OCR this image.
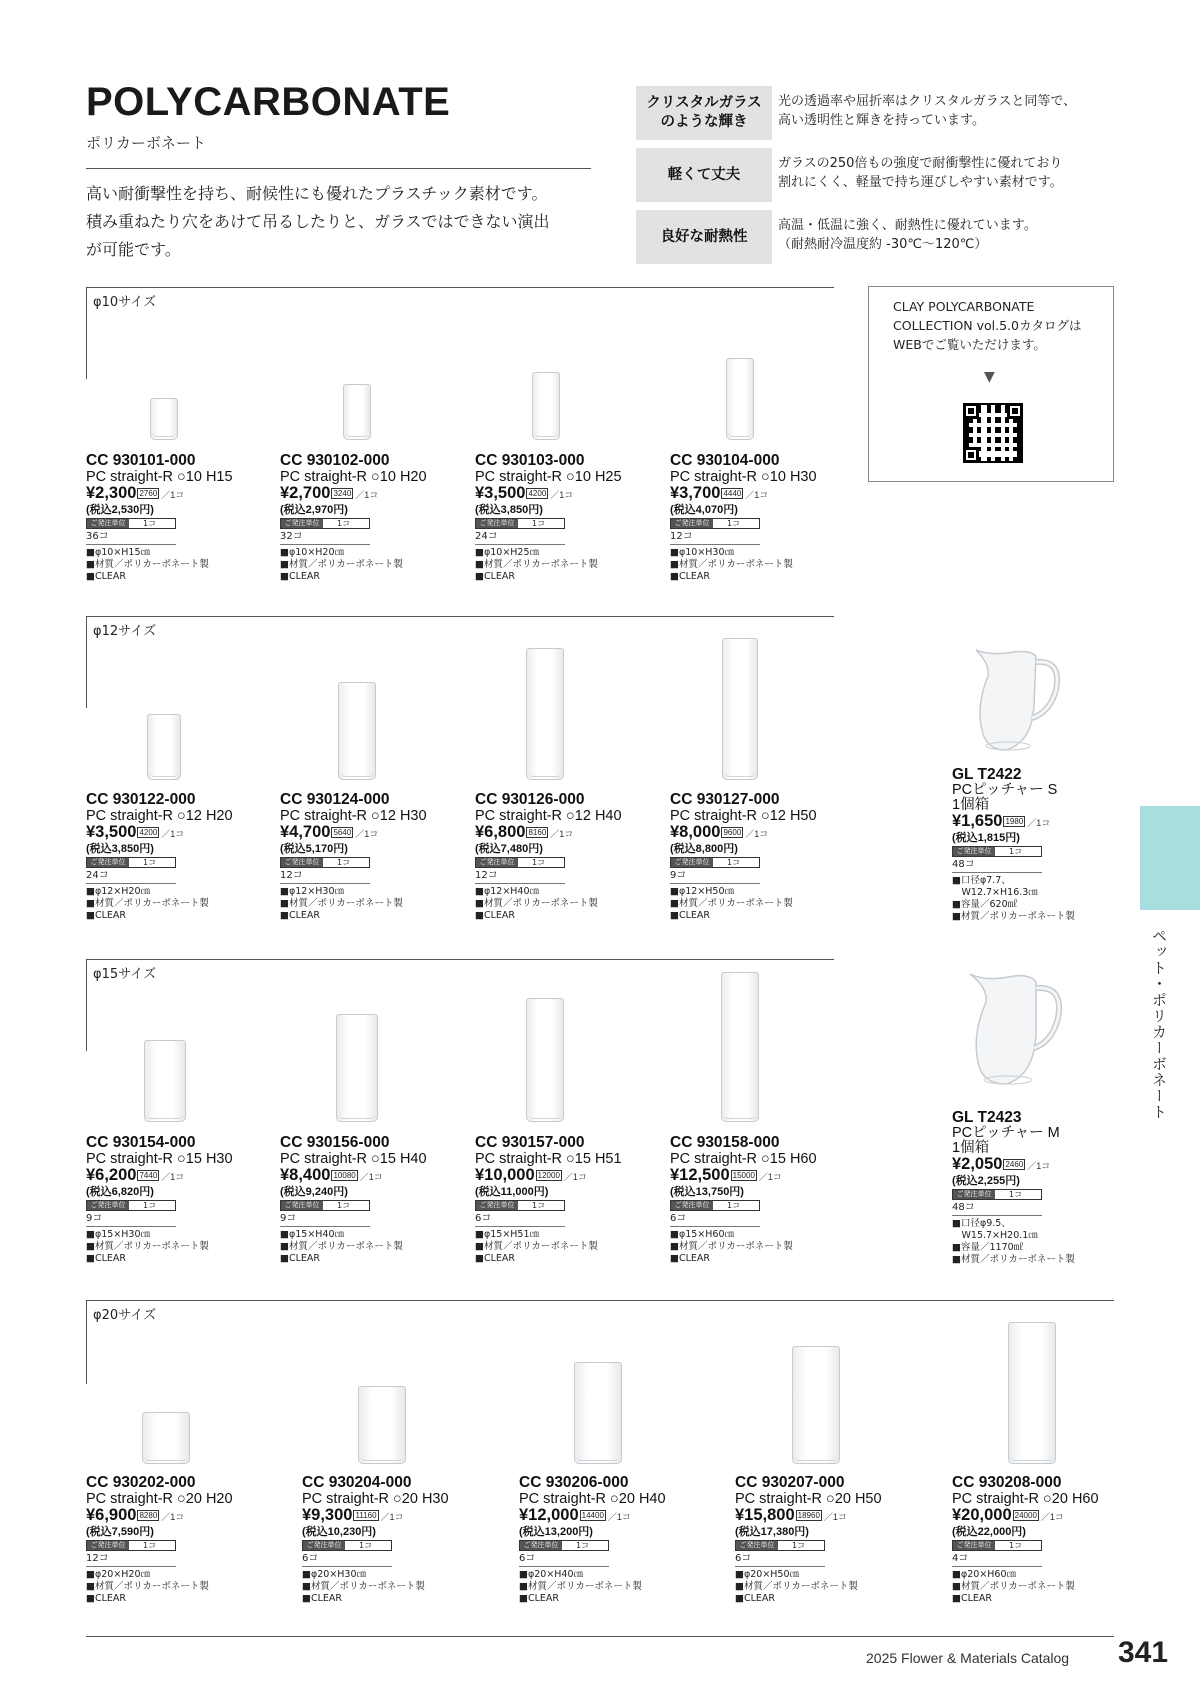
POLYCARBONATE
ポリカーボネート
高い耐衝撃性を持ち、耐候性にも優れたプラスチック素材です。
積み重ねたり穴をあけて吊るしたりと、ガラスではできない演出
が可能です。
クリスタルガラス
のような輝き
光の透過率や屈折率はクリスタルガラスと同等で、
高い透明性と輝きを持っています。
軽くて丈夫
ガラスの250倍もの強度で耐衝撃性に優れており
割れにくく、軽量で持ち運びしやすい素材です。
良好な耐熱性
高温・低温に強く、耐熱性に優れています。
（耐熱耐冷温度約 -30℃〜120℃）
CLAY POLYCARBONATE
COLLECTION vol.5.0カタログは
WEBでご覧いただけます。
▼
φ10サイズ
φ12サイズ
φ15サイズ
φ20サイズ
CC 930101-000
PC straight-R ○10 H15
¥2,300 2760 ／1コ
(税込2,530円)
ご発注単位	1コ
36コ
■φ10×H15㎝
■材質／ポリカーボネート製
■CLEAR
CC 930102-000
PC straight-R ○10 H20
¥2,700 3240 ／1コ
(税込2,970円)
ご発注単位	1コ
32コ
■φ10×H20㎝
■材質／ポリカーボネート製
■CLEAR
CC 930103-000
PC straight-R ○10 H25
¥3,500 4200 ／1コ
(税込3,850円)
ご発注単位	1コ
24コ
■φ10×H25㎝
■材質／ポリカーボネート製
■CLEAR
CC 930104-000
PC straight-R ○10 H30
¥3,700 4440 ／1コ
(税込4,070円)
ご発注単位	1コ
12コ
■φ10×H30㎝
■材質／ポリカーボネート製
■CLEAR
CC 930122-000
PC straight-R ○12 H20
¥3,500 4200 ／1コ
(税込3,850円)
ご発注単位	1コ
24コ
■φ12×H20㎝
■材質／ポリカーボネート製
■CLEAR
CC 930124-000
PC straight-R ○12 H30
¥4,700 5640 ／1コ
(税込5,170円)
ご発注単位	1コ
12コ
■φ12×H30㎝
■材質／ポリカーボネート製
■CLEAR
CC 930126-000
PC straight-R ○12 H40
¥6,800 8160 ／1コ
(税込7,480円)
ご発注単位	1コ
12コ
■φ12×H40㎝
■材質／ポリカーボネート製
■CLEAR
CC 930127-000
PC straight-R ○12 H50
¥8,000 9600 ／1コ
(税込8,800円)
ご発注単位	1コ
9コ
■φ12×H50㎝
■材質／ポリカーボネート製
■CLEAR
CC 930154-000
PC straight-R ○15 H30
¥6,200 7440 ／1コ
(税込6,820円)
ご発注単位	1コ
9コ
■φ15×H30㎝
■材質／ポリカーボネート製
■CLEAR
CC 930156-000
PC straight-R ○15 H40
¥8,400 10080 ／1コ
(税込9,240円)
ご発注単位	1コ
9コ
■φ15×H40㎝
■材質／ポリカーボネート製
■CLEAR
CC 930157-000
PC straight-R ○15 H51
¥10,000 12000 ／1コ
(税込11,000円)
ご発注単位	1コ
6コ
■φ15×H51㎝
■材質／ポリカーボネート製
■CLEAR
CC 930158-000
PC straight-R ○15 H60
¥12,500 15000 ／1コ
(税込13,750円)
ご発注単位	1コ
6コ
■φ15×H60㎝
■材質／ポリカーボネート製
■CLEAR
CC 930202-000
PC straight-R ○20 H20
¥6,900 8280 ／1コ
(税込7,590円)
ご発注単位	1コ
12コ
■φ20×H20㎝
■材質／ポリカーボネート製
■CLEAR
CC 930204-000
PC straight-R ○20 H30
¥9,300 11160 ／1コ
(税込10,230円)
ご発注単位	1コ
6コ
■φ20×H30㎝
■材質／ポリカーボネート製
■CLEAR
CC 930206-000
PC straight-R ○20 H40
¥12,000 14400 ／1コ
(税込13,200円)
ご発注単位	1コ
6コ
■φ20×H40㎝
■材質／ポリカーボネート製
■CLEAR
CC 930207-000
PC straight-R ○20 H50
¥15,800 18960 ／1コ
(税込17,380円)
ご発注単位	1コ
6コ
■φ20×H50㎝
■材質／ポリカーボネート製
■CLEAR
CC 930208-000
PC straight-R ○20 H60
¥20,000 24000 ／1コ
(税込22,000円)
ご発注単位	1コ
4コ
■φ20×H60㎝
■材質／ポリカーボネート製
■CLEAR
GL T2422
PCピッチャー S
1個箱
¥1,650 1980 ／1コ
(税込1,815円)
ご発注単位	1コ
48コ
■口径φ7.7、
　W12.7×H16.3㎝
■容量／620㎖
■材質／ポリカーボネート製
GL T2423
PCピッチャー M
1個箱
¥2,050 2460 ／1コ
(税込2,255円)
ご発注単位	1コ
48コ
■口径φ9.5、
　W15.7×H20.1㎝
■容量／1170㎖
■材質／ポリカーボネート製
ペット・ポリカーボネート
2025 Flower & Materials Catalog 341
